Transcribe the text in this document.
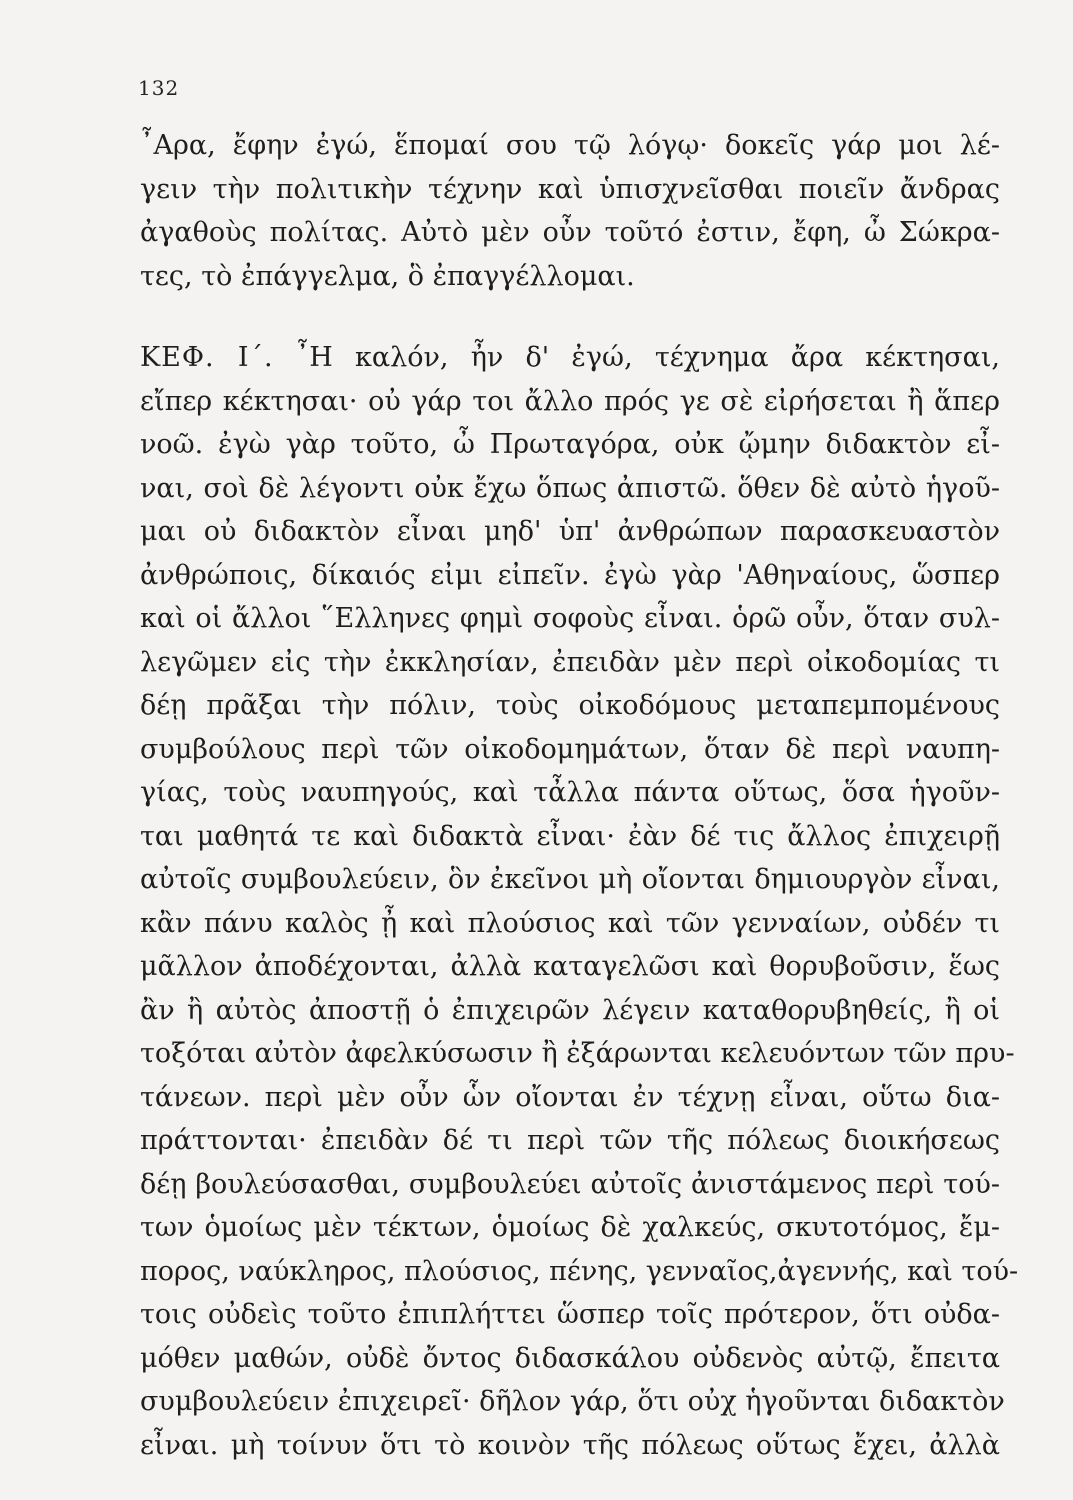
132
῏Αρα, ἔφην ἐγώ, ἕπομαί σου τῷ λόγῳ· δοκεῖς γάρ μοι λέ-
γειν τὴν πολιτικὴν τέχνην καὶ ὑπισχνεῖσθαι ποιεῖν ἄνδρας
ἀγαθοὺς πολίτας. Αὐτὸ μὲν οὖν τοῦτό ἐστιν, ἔφη, ὦ Σώκρα-
τες, τὸ ἐπάγγελμα, ὃ ἐπαγγέλλομαι.
ΚΕΦ. Ι΄. ῏Η καλόν, ἦν δ' ἐγώ, τέχνημα ἄρα κέκτησαι,
εἴπερ κέκτησαι· οὐ γάρ τοι ἄλλο πρός γε σὲ εἰρήσεται ἢ ἅπερ
νοῶ. ἐγὼ γὰρ τοῦτο, ὦ Πρωταγόρα, οὐκ ᾤμην διδακτὸν εἶ-
ναι, σοὶ δὲ λέγοντι οὐκ ἔχω ὅπως ἀπιστῶ. ὅθεν δὲ αὐτὸ ἡγοῦ-
μαι οὐ διδακτὸν εἶναι μηδ' ὑπ' ἀνθρώπων παρασκευαστὸν
ἀνθρώποις, δίκαιός εἰμι εἰπεῖν. ἐγὼ γὰρ 'Αθηναίους, ὥσπερ
καὶ οἱ ἄλλοι ῞Ελληνες φημὶ σοφοὺς εἶναι. ὁρῶ οὖν, ὅταν συλ-
λεγῶμεν εἰς τὴν ἐκκλησίαν, ἐπειδὰν μὲν περὶ οἰκοδομίας τι
δέῃ πρᾶξαι τὴν πόλιν, τοὺς οἰκοδόμους μεταπεμπομένους
συμβούλους περὶ τῶν οἰκοδομημάτων, ὅταν δὲ περὶ ναυπη-
γίας, τοὺς ναυπηγούς, καὶ τἆλλα πάντα οὕτως, ὅσα ἡγοῦν-
ται μαθητά τε καὶ διδακτὰ εἶναι· ἐὰν δέ τις ἄλλος ἐπιχειρῇ
αὐτοῖς συμβουλεύειν, ὃν ἐκεῖνοι μὴ οἴονται δημιουργὸν εἶναι,
κἂν πάνυ καλὸς ᾖ καὶ πλούσιος καὶ τῶν γενναίων, οὐδέν τι
μᾶλλον ἀποδέχονται, ἀλλὰ καταγελῶσι καὶ θορυβοῦσιν, ἕως
ἂν ἢ αὐτὸς ἀποστῇ ὁ ἐπιχειρῶν λέγειν καταθορυβηθείς, ἢ οἱ
τοξόται αὐτὸν ἀφελκύσωσιν ἢ ἐξάρωνται κελευόντων τῶν πρυ-
τάνεων. περὶ μὲν οὖν ὧν οἴονται ἐν τέχνῃ εἶναι, οὕτω δια-
πράττονται· ἐπειδὰν δέ τι περὶ τῶν τῆς πόλεως διοικήσεως
δέῃ βουλεύσασθαι, συμβουλεύει αὐτοῖς ἀνιστάμενος περὶ τού-
των ὁμοίως μὲν τέκτων, ὁμοίως δὲ χαλκεύς, σκυτοτόμος, ἔμ-
πορος, ναύκληρος, πλούσιος, πένης, γενναῖος,ἀγεννής, καὶ τού-
τοις οὐδεὶς τοῦτο ἐπιπλήττει ὥσπερ τοῖς πρότερον, ὅτι οὐδα-
μόθεν μαθών, οὐδὲ ὄντος διδασκάλου οὐδενὸς αὐτῷ, ἔπειτα
συμβουλεύειν ἐπιχειρεῖ· δῆλον γάρ, ὅτι οὐχ ἡγοῦνται διδακτὸν
εἶναι. μὴ τοίνυν ὅτι τὸ κοινὸν τῆς πόλεως οὕτως ἔχει, ἀλλὰ
